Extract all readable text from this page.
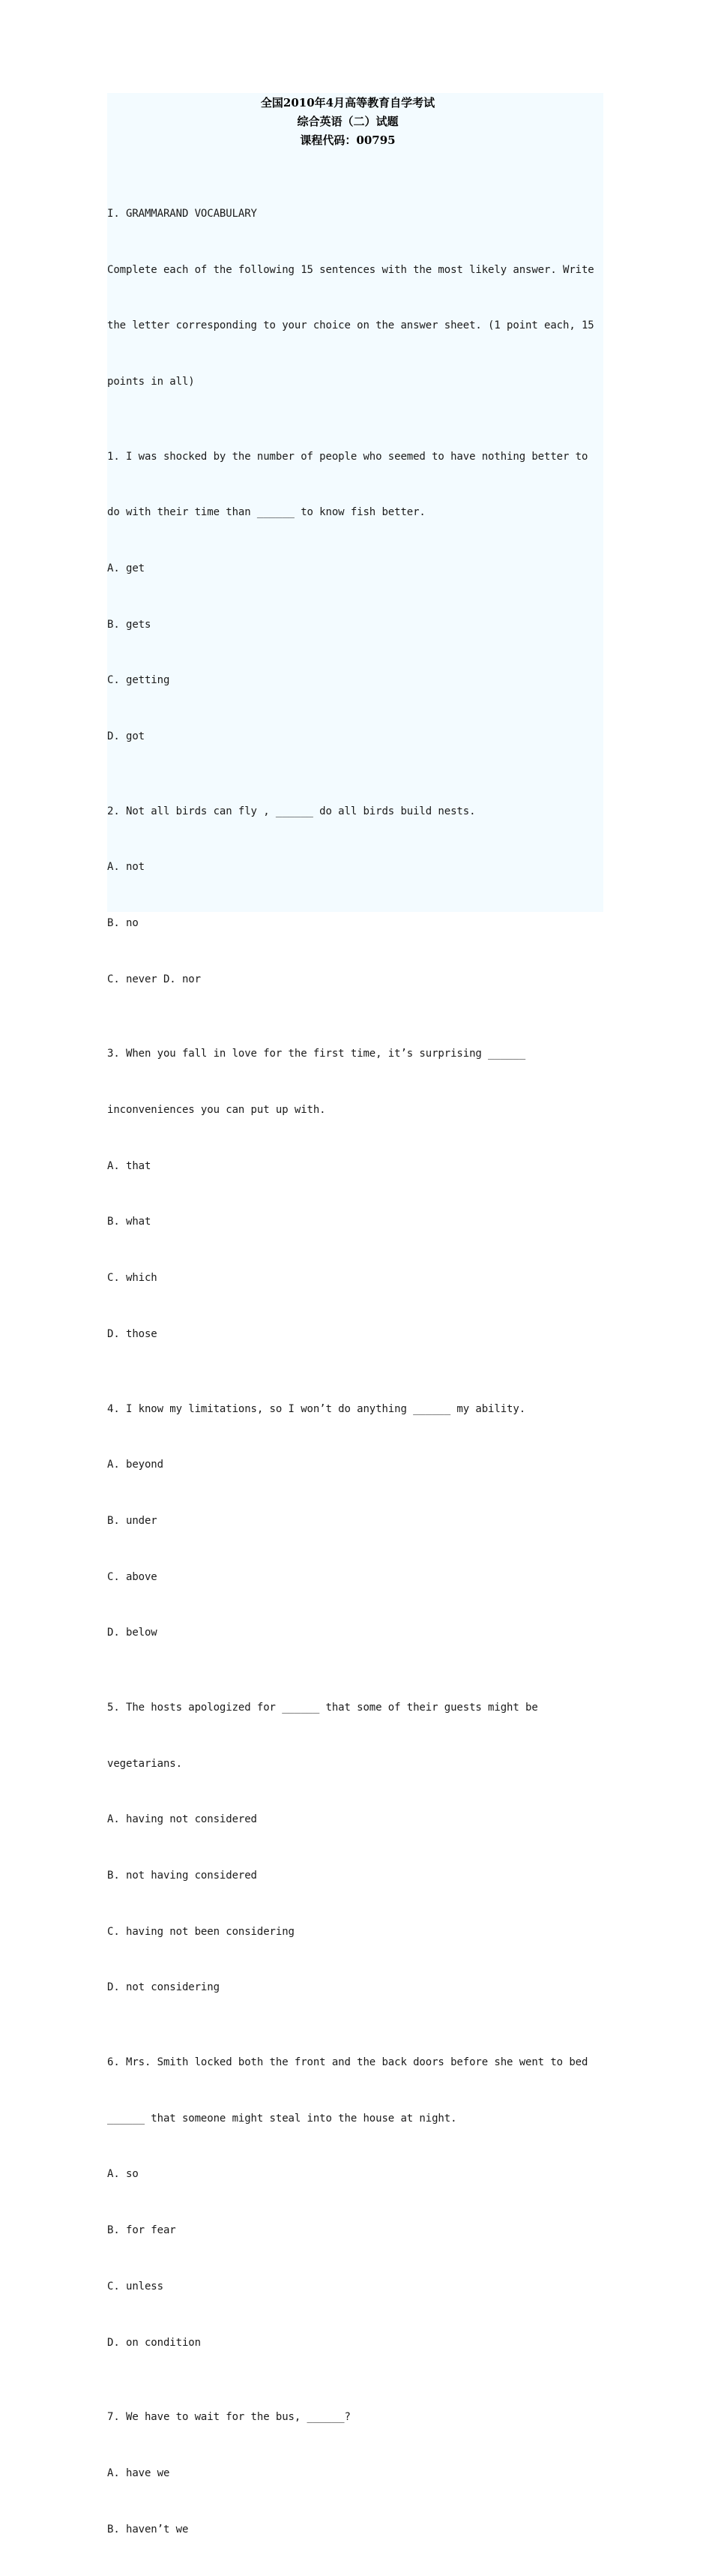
全国2010年4月高等教育自学考试
综合英语（二）试题
课程代码：00795

I. GRAMMARAND VOCABULARY

Complete each of the following 15 sentences with the most likely answer. Write

the letter corresponding to your choice on the answer sheet. (1 point each, 15

points in all)

1. I was shocked by the number of people who seemed to have nothing better to

do with their time than ______ to know fish better.

A. get

B. gets

C. getting

D. got

2. Not all birds can fly , ______ do all birds build nests.

A. not

B. no

C. never D. nor

3. When you fall in love for the first time, it’s surprising ______

inconveniences you can put up with.

A. that

B. what

C. which

D. those

4. I know my limitations, so I won’t do anything ______ my ability.

A. beyond

B. under

C. above

D. below

5. The hosts apologized for ______ that some of their guests might be

vegetarians.

A. having not considered

B. not having considered

C. having not been considering

D. not considering

6. Mrs. Smith locked both the front and the back doors before she went to bed

______ that someone might steal into the house at night.

A. so

B. for fear

C. unless

D. on condition

7. We have to wait for the bus, ______?

A. have we

B. haven’t we
